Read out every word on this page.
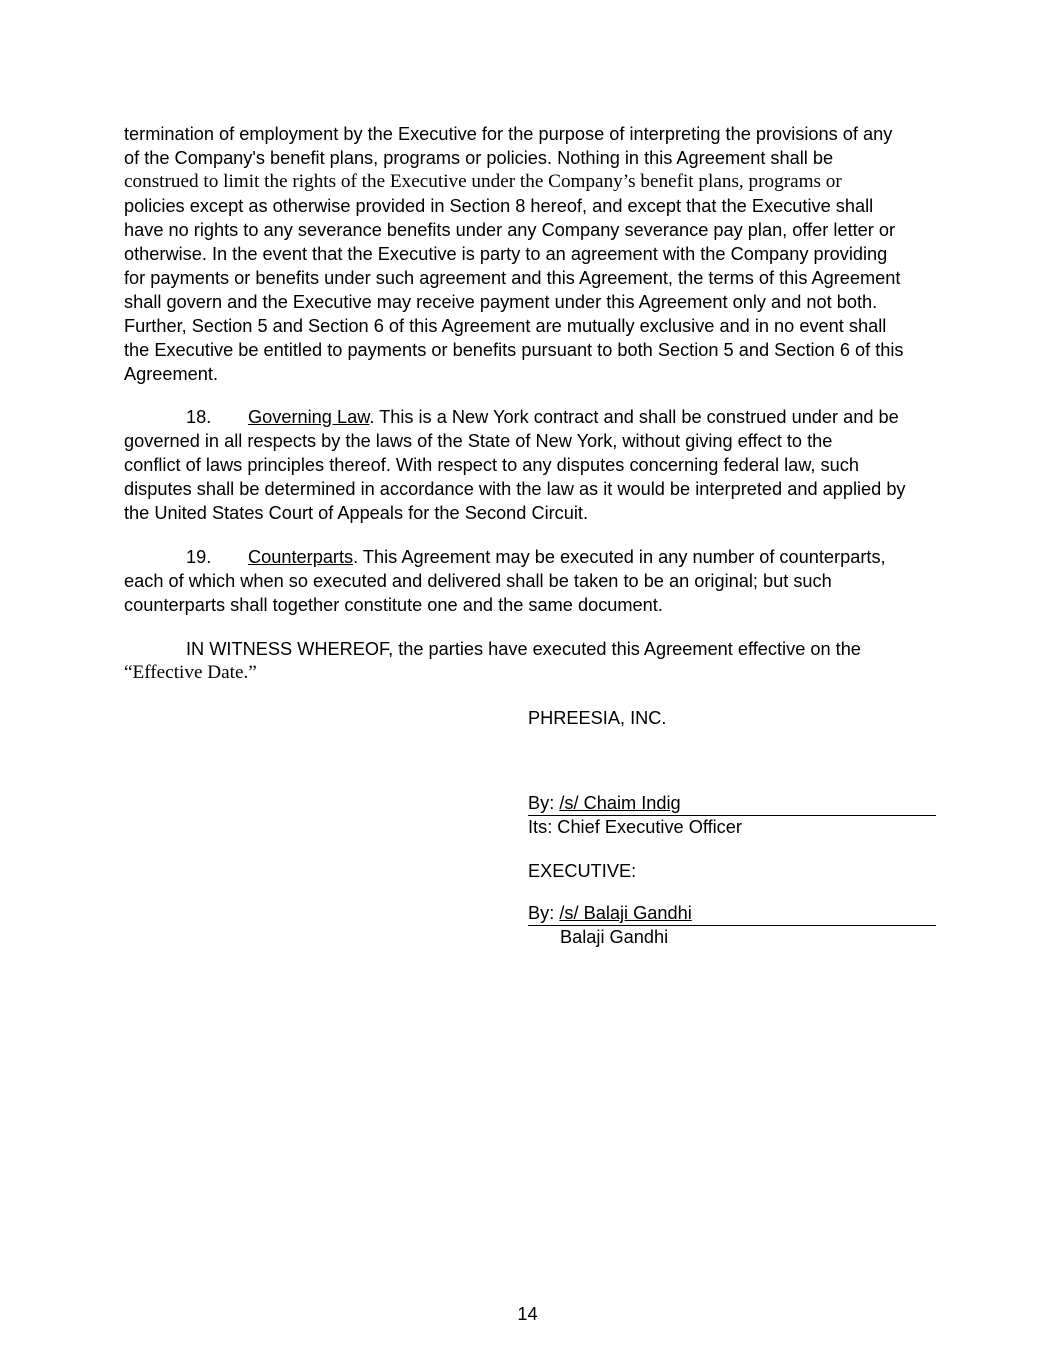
termination of employment by the Executive for the purpose of interpreting the provisions of any
of the Company's benefit plans, programs or policies. Nothing in this Agreement shall be
construed to limit the rights of the Executive under the Company’s benefit plans, programs or
policies except as otherwise provided in Section 8 hereof, and except that the Executive shall
have no rights to any severance benefits under any Company severance pay plan, offer letter or
otherwise. In the event that the Executive is party to an agreement with the Company providing
for payments or benefits under such agreement and this Agreement, the terms of this Agreement
shall govern and the Executive may receive payment under this Agreement only and not both.
Further, Section 5 and Section 6 of this Agreement are mutually exclusive and in no event shall
the Executive be entitled to payments or benefits pursuant to both Section 5 and Section 6 of this
Agreement.
18. Governing Law. This is a New York contract and shall be construed under and be
governed in all respects by the laws of the State of New York, without giving effect to the
conflict of laws principles thereof. With respect to any disputes concerning federal law, such
disputes shall be determined in accordance with the law as it would be interpreted and applied by
the United States Court of Appeals for the Second Circuit.
19. Counterparts. This Agreement may be executed in any number of counterparts,
each of which when so executed and delivered shall be taken to be an original; but such
counterparts shall together constitute one and the same document.
IN WITNESS WHEREOF, the parties have executed this Agreement effective on the
“Effective Date.”
PHREESIA, INC.
By: /s/ Chaim Indig
Its: Chief Executive Officer
EXECUTIVE:
By: /s/ Balaji Gandhi
Balaji Gandhi
14
